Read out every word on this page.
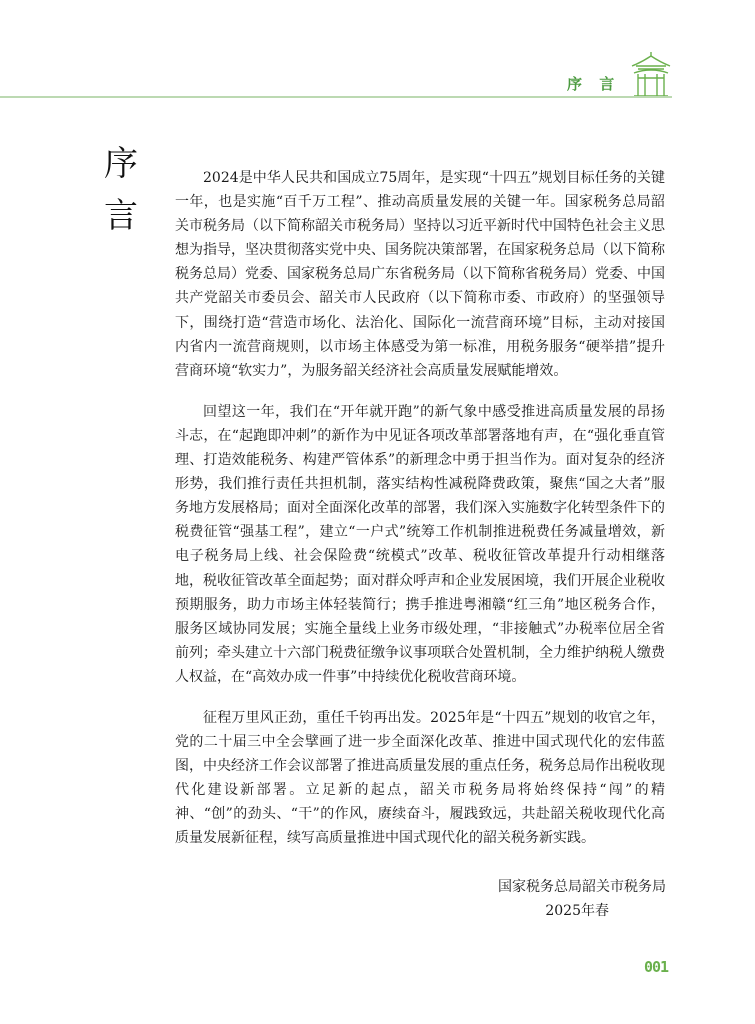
序 言
序
言

2024是中华人民共和国成立75周年，是实现“十四五”规划目标任务的关键一年，也是实施“百千万工程”、推动高质量发展的关键一年。国家税务总局韶关市税务局（以下简称韶关市税务局）坚持以习近平新时代中国特色社会主义思想为指导，坚决贯彻落实党中央、国务院决策部署，在国家税务总局（以下简称税务总局）党委、国家税务总局广东省税务局（以下简称省税务局）党委、中国共产党韶关市委员会、韶关市人民政府（以下简称市委、市政府）的坚强领导下，围绕打造“营造市场化、法治化、国际化一流营商环境”目标，主动对接国内省内一流营商规则，以市场主体感受为第一标准，用税务服务“硬举措”提升营商环境“软实力”，为服务韶关经济社会高质量发展赋能增效。

回望这一年，我们在“开年就开跑”的新气象中感受推进高质量发展的昂扬斗志，在“起跑即冲刺”的新作为中见证各项改革部署落地有声，在“强化垂直管理、打造效能税务、构建严管体系”的新理念中勇于担当作为。面对复杂的经济形势，我们推行责任共担机制，落实结构性减税降费政策，聚焦“国之大者”服务地方发展格局；面对全面深化改革的部署，我们深入实施数字化转型条件下的税费征管“强基工程”，建立“一户式”统筹工作机制推进税费任务减量增效，新电子税务局上线、社会保险费“统模式”改革、税收征管改革提升行动相继落地，税收征管改革全面起势；面对群众呼声和企业发展困境，我们开展企业税收预期服务，助力市场主体轻装简行；携手推进粤湘赣“红三角”地区税务合作，服务区域协同发展；实施全量线上业务市级处理，“非接触式”办税率位居全省前列；牵头建立十六部门税费征缴争议事项联合处置机制，全力维护纳税人缴费人权益，在“高效办成一件事”中持续优化税收营商环境。

征程万里风正劲，重任千钧再出发。2025年是“十四五”规划的收官之年，党的二十届三中全会擘画了进一步全面深化改革、推进中国式现代化的宏伟蓝图，中央经济工作会议部署了推进高质量发展的重点任务，税务总局作出税收现代化建设新部署。立足新的起点，韶关市税务局将始终保持“闯”的精神、“创”的劲头、“干”的作风，赓续奋斗，履践致远，共赴韶关税收现代化高质量发展新征程，续写高质量推进中国式现代化的韶关税务新实践。

国家税务总局韶关市税务局
2025年春
001
